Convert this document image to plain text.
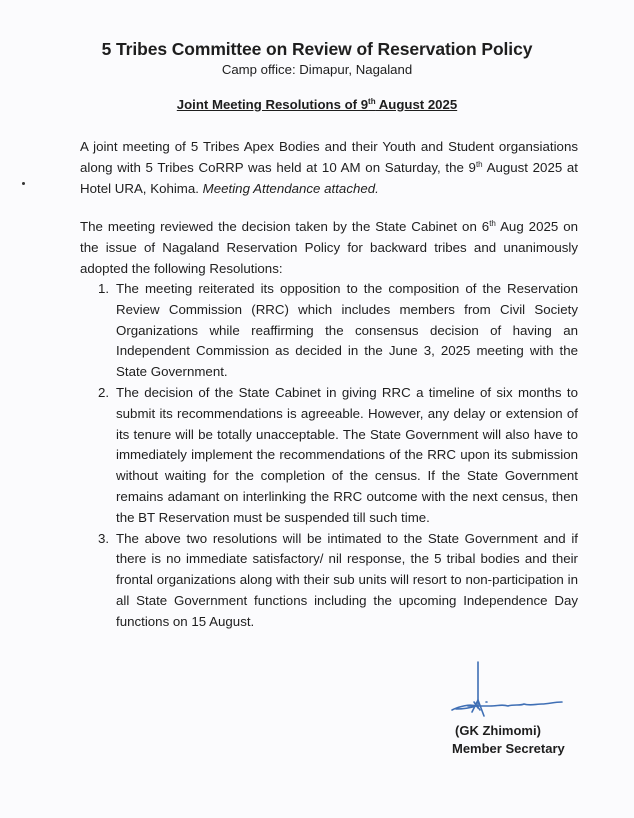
5 Tribes Committee on Review of Reservation Policy
Camp office: Dimapur, Nagaland
Joint Meeting Resolutions of 9th August 2025
A joint meeting of 5 Tribes Apex Bodies and their Youth and Student organsiations along with 5 Tribes CoRRP was held at 10 AM on Saturday, the 9th August 2025 at Hotel URA, Kohima. Meeting Attendance attached.
The meeting reviewed the decision taken by the State Cabinet on 6th Aug 2025 on the issue of Nagaland Reservation Policy for backward tribes and unanimously adopted the following Resolutions:
1. The meeting reiterated its opposition to the composition of the Reservation Review Commission (RRC) which includes members from Civil Society Organizations while reaffirming the consensus decision of having an Independent Commission as decided in the June 3, 2025 meeting with the State Government.
2. The decision of the State Cabinet in giving RRC a timeline of six months to submit its recommendations is agreeable. However, any delay or extension of its tenure will be totally unacceptable. The State Government will also have to immediately implement the recommendations of the RRC upon its submission without waiting for the completion of the census. If the State Government remains adamant on interlinking the RRC outcome with the next census, then the BT Reservation must be suspended till such time.
3. The above two resolutions will be intimated to the State Government and if there is no immediate satisfactory/ nil response, the 5 tribal bodies and their frontal organizations along with their sub units will resort to non-participation in all State Government functions including the upcoming Independence Day functions on 15 August.
(GK Zhimomi)
Member Secretary
